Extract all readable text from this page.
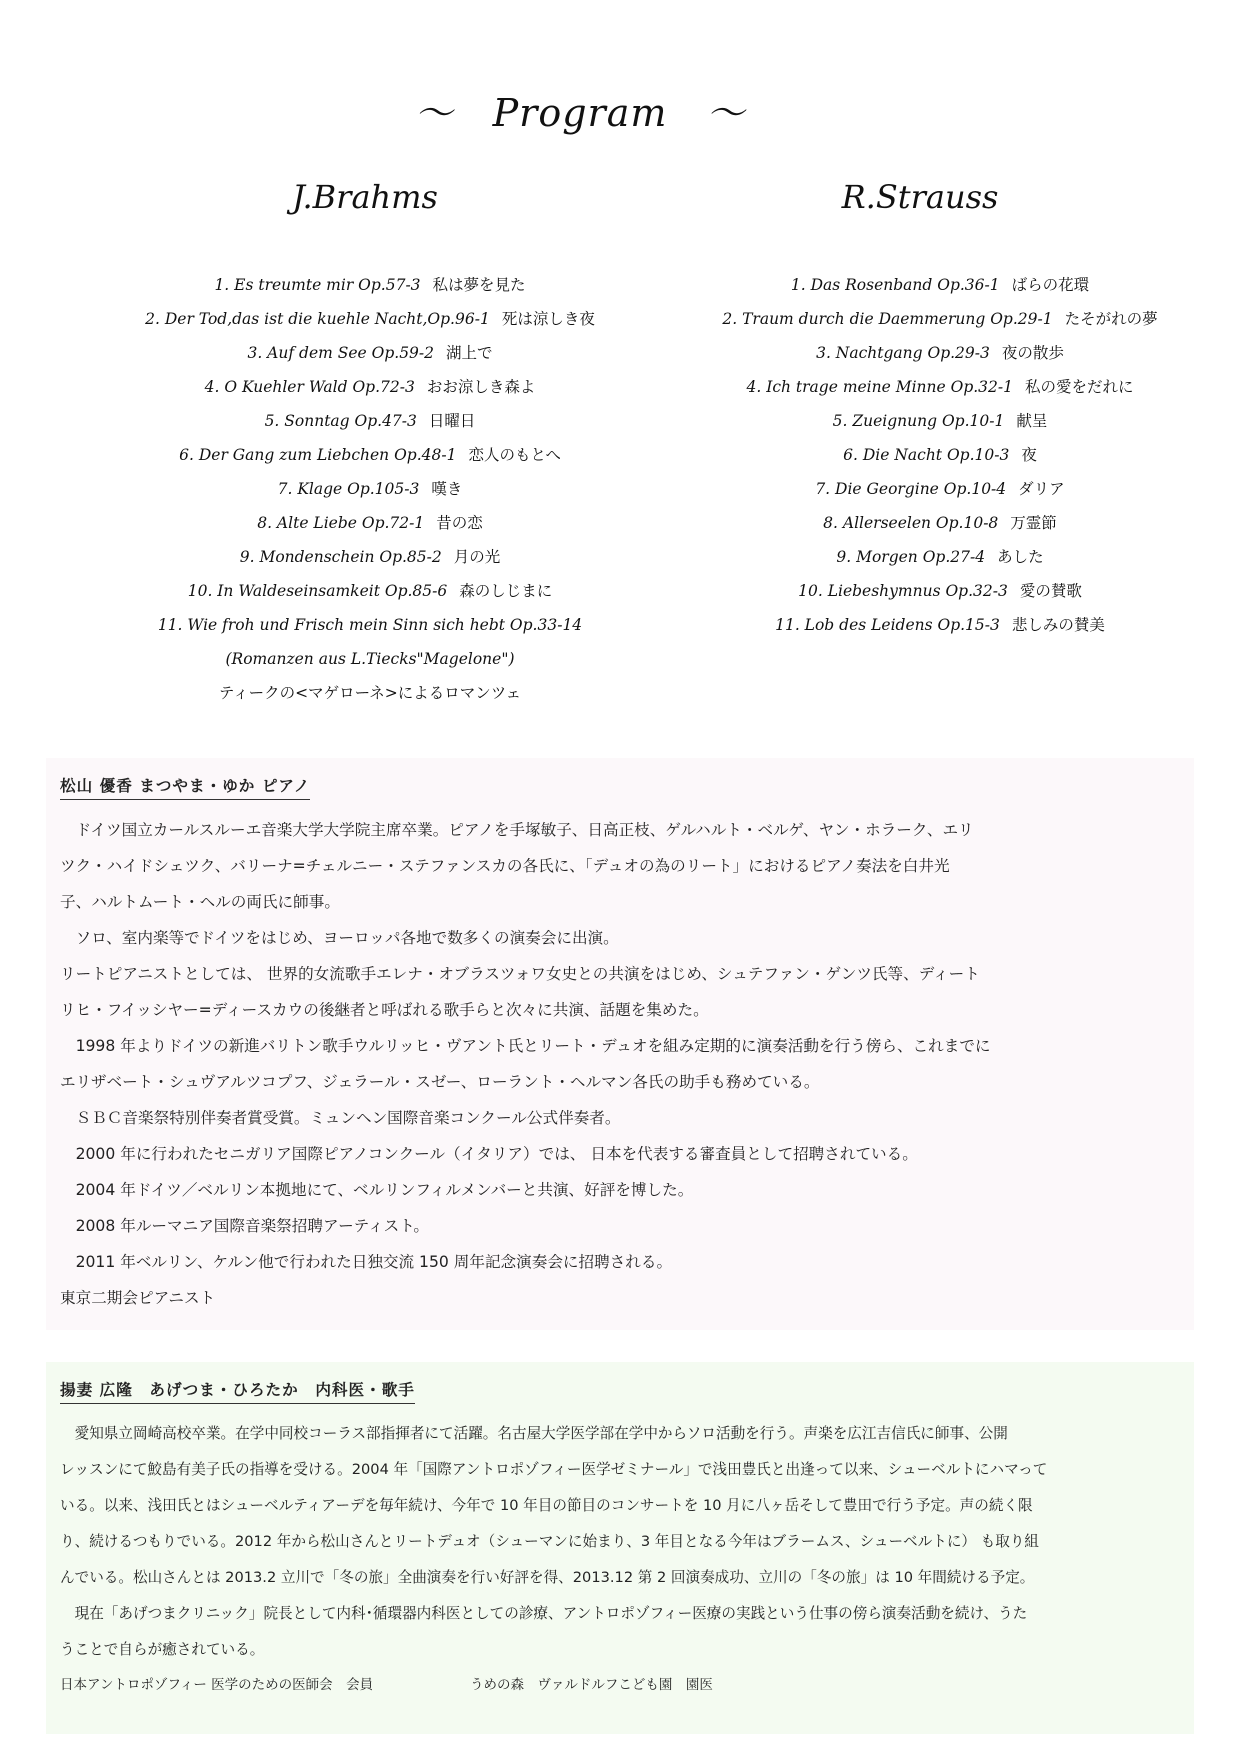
～　Program　～
J.Brahms	R.Strauss
1. Es treumte mir Op.57-3 私は夢を見た
2. Der Tod,das ist die kuehle Nacht,Op.96-1 死は涼しき夜
3. Auf dem See Op.59-2 湖上で
4. O Kuehler Wald Op.72-3 おお涼しき森よ
5. Sonntag Op.47-3 日曜日
6. Der Gang zum Liebchen Op.48-1 恋人のもとへ
7. Klage Op.105-3 嘆き
8. Alte Liebe Op.72-1 昔の恋
9. Mondenschein Op.85-2 月の光
10. In Waldeseinsamkeit Op.85-6 森のしじまに
11. Wie froh und Frisch mein Sinn sich hebt Op.33-14
(Romanzen aus L.Tiecks"Magelone")
ティークの<マゲローネ>によるロマンツェ
1. Das Rosenband Op.36-1 ばらの花環
2. Traum durch die Daemmerung Op.29-1 たそがれの夢
3. Nachtgang Op.29-3 夜の散歩
4. Ich trage meine Minne Op.32-1 私の愛をだれに
5. Zueignung Op.10-1 献呈
6. Die Nacht Op.10-3 夜
7. Die Georgine Op.10-4 ダリア
8. Allerseelen Op.10-8 万霊節
9. Morgen Op.27-4 あした
10. Liebeshymnus Op.32-3 愛の賛歌
11. Lob des Leidens Op.15-3 悲しみの賛美
松山 優香 まつやま・ゆか ピアノ

　ドイツ国立カールスルーエ音楽大学大学院主席卒業。ピアノを手塚敏子、日高正枝、ゲルハルト・ベルゲ、ヤン・ホラーク、エリ

ツク・ハイドシェツク、バリーナ=チェルニー・ステファンスカの各氏に、「デュオの為のリート」におけるピアノ奏法を白井光

子、ハルトムート・ヘルの両氏に師事。

　ソロ、室内楽等でドイツをはじめ、ヨーロッパ各地で数多くの演奏会に出演。

リートピアニストとしては、 世界的女流歌手エレナ・オブラスツォワ女史との共演をはじめ、シュテファン・ゲンツ氏等、ディート

リヒ・フイッシヤー=ディースカウの後継者と呼ばれる歌手らと次々に共演、話題を集めた。

　1998 年よりドイツの新進バリトン歌手ウルリッヒ・ヴアント氏とリート・デュオを組み定期的に演奏活動を行う傍ら、これまでに

エリザベート・シュヴアルツコプフ、ジェラール・スゼー、ローラント・ヘルマン各氏の助手も務めている。

　ＳＢＣ音楽祭特別伴奏者賞受賞。ミュンヘン国際音楽コンクール公式伴奏者。

　2000 年に行われたセニガリア国際ピアノコンクール（イタリア）では、 日本を代表する審査員として招聘されている。

　2004 年ドイツ／ベルリン本拠地にて、ベルリンフィルメンバーと共演、好評を博した。

　2008 年ルーマニア国際音楽祭招聘アーティスト。

　2011 年ベルリン、ケルン他で行われた日独交流 150 周年記念演奏会に招聘される。

東京二期会ピアニスト

揚妻 広隆　あげつま・ひろたか　内科医・歌手

　愛知県立岡崎高校卒業。在学中同校コーラス部指揮者にて活躍。名古屋大学医学部在学中からソロ活動を行う。声楽を広江吉信氏に師事、公開

レッスンにて鮫島有美子氏の指導を受ける。2004 年「国際アントロポゾフィー医学ゼミナール」で浅田豊氏と出逢って以来、シューベルトにハマって

いる。以来、浅田氏とはシューベルティアーデを毎年続け、今年で 10 年目の節目のコンサートを 10 月に八ヶ岳そして豊田で行う予定。声の続く限

り、続けるつもりでいる。2012 年から松山さんとリートデュオ（シューマンに始まり、3 年目となる今年はブラームス、シューベルトに） も取り組

んでいる。松山さんとは 2013.2 立川で「冬の旅」全曲演奏を行い好評を得、2013.12 第 2 回演奏成功、立川の「冬の旅」は 10 年間続ける予定。

　現在「あげつまクリニック」院長として内科･循環器内科医としての診療、アントロポゾフィー医療の実践という仕事の傍ら演奏活動を続け、うた

うことで自らが癒されている。

日本アントロポゾフィー 医学のための医師会　会員	うめの森　ヴァルドルフこども園　園医
